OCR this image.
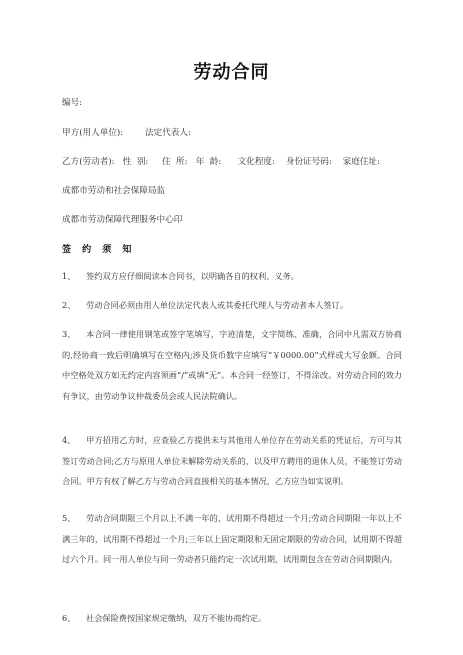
劳动合同
编号:
甲方(用人单位):        法定代表人:
乙方(劳动者):   性  别:     住  所:   年  龄:      文化程度:    身份证号码:    家庭住址:
成都市劳动和社会保障局监
成都市劳动保障代理服务中心印
签 约 须 知
1、 签约双方应仔细阅读本合同书，以明确各自的权利、义务。
2、 劳动合同必须由用人单位法定代表人或其委托代理人与劳动者本人签订。
3、 本合同一律使用钢笔或签字笔填写，字迹清楚，文字简练、准确，合同中凡需双方协商的,经协商一致后明确填写在空格内;涉及货币数字应填写“￥0000.00”式样或大写金额。合同中空格处双方如无约定内容须画“/”或填“无”。本合同一经签订，不得涂改。对劳动合同的效力有争议，由劳动争议仲裁委员会或人民法院确认。
4、 甲方招用乙方时，应查验乙方提供未与其他用人单位存在劳动关系的凭证后，方可与其签订劳动合同;乙方与原用人单位未解除劳动关系的，以及甲方聘用的退休人员，不能签订劳动合同。甲方有权了解乙方与劳动合同直接相关的基本情况，乙方应当如实说明。
5、 劳动合同期限三个月以上不满一年的，试用期不得超过一个月;劳动合同期限一年以上不满三年的，试用期不得超过一个月;三年以上固定期限和无固定期限的劳动合同，试用期不得超过六个月。同一用人单位与同一劳动者只能约定一次试用期，试用期包含在劳动合同期限内。
6、 社会保险费按国家规定缴纳，双方不能协商约定。
